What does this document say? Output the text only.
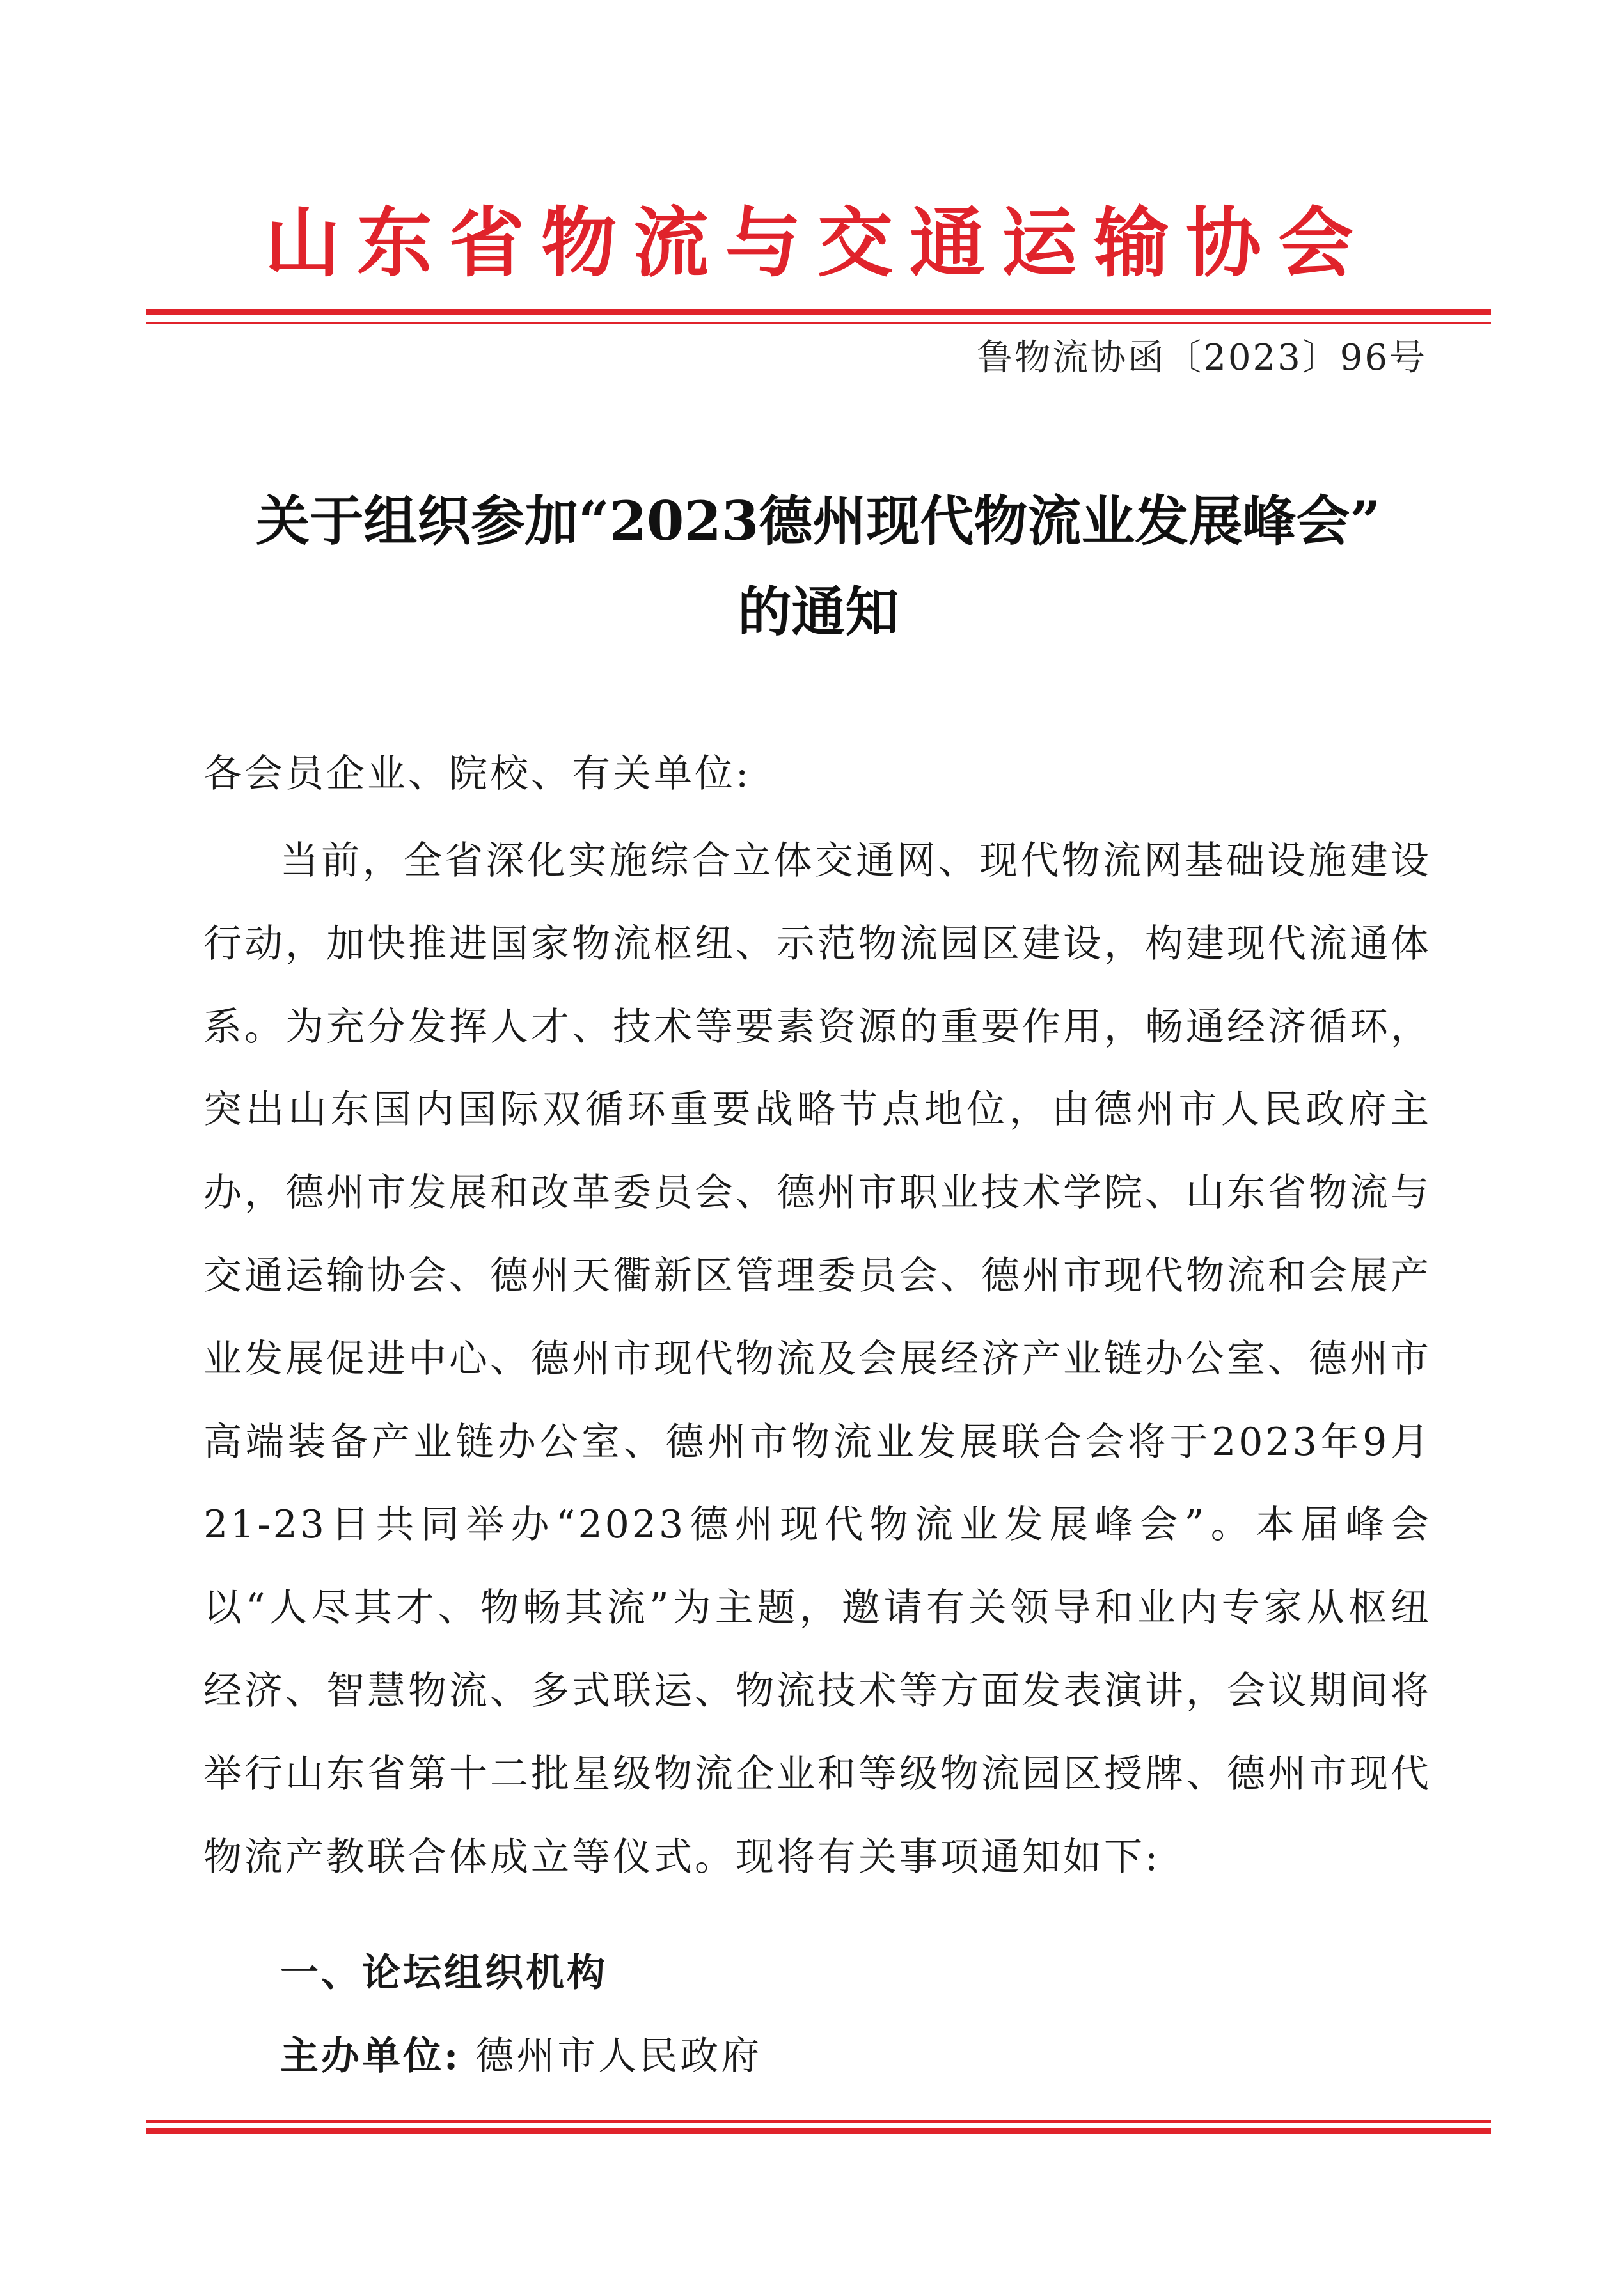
山东省物流与交通运输协会
鲁物流协函〔2023〕96号
关于组织参加“2023德州现代物流业发展峰会”
的通知
各会员企业、院校、有关单位:

当前，全省深化实施综合立体交通网、现代物流网基础设施建设行动，加快推进国家物流枢纽、示范物流园区建设，构建现代流通体系。为充分发挥人才、技术等要素资源的重要作用，畅通经济循环，突出山东国内国际双循环重要战略节点地位，由德州市人民政府主办，德州市发展和改革委员会、德州市职业技术学院、山东省物流与交通运输协会、德州天衢新区管理委员会、德州市现代物流和会展产业发展促进中心、德州市现代物流及会展经济产业链办公室、德州市高端装备产业链办公室、德州市物流业发展联合会将于2023年9月21-23日共同举办“2023德州现代物流业发展峰会”。本届峰会以“人尽其才、物畅其流”为主题，邀请有关领导和业内专家从枢纽经济、智慧物流、多式联运、物流技术等方面发表演讲，会议期间将举行山东省第十二批星级物流企业和等级物流园区授牌、德州市现代物流产教联合体成立等仪式。现将有关事项通知如下:

一、论坛组织机构
主办单位: 德州市人民政府
